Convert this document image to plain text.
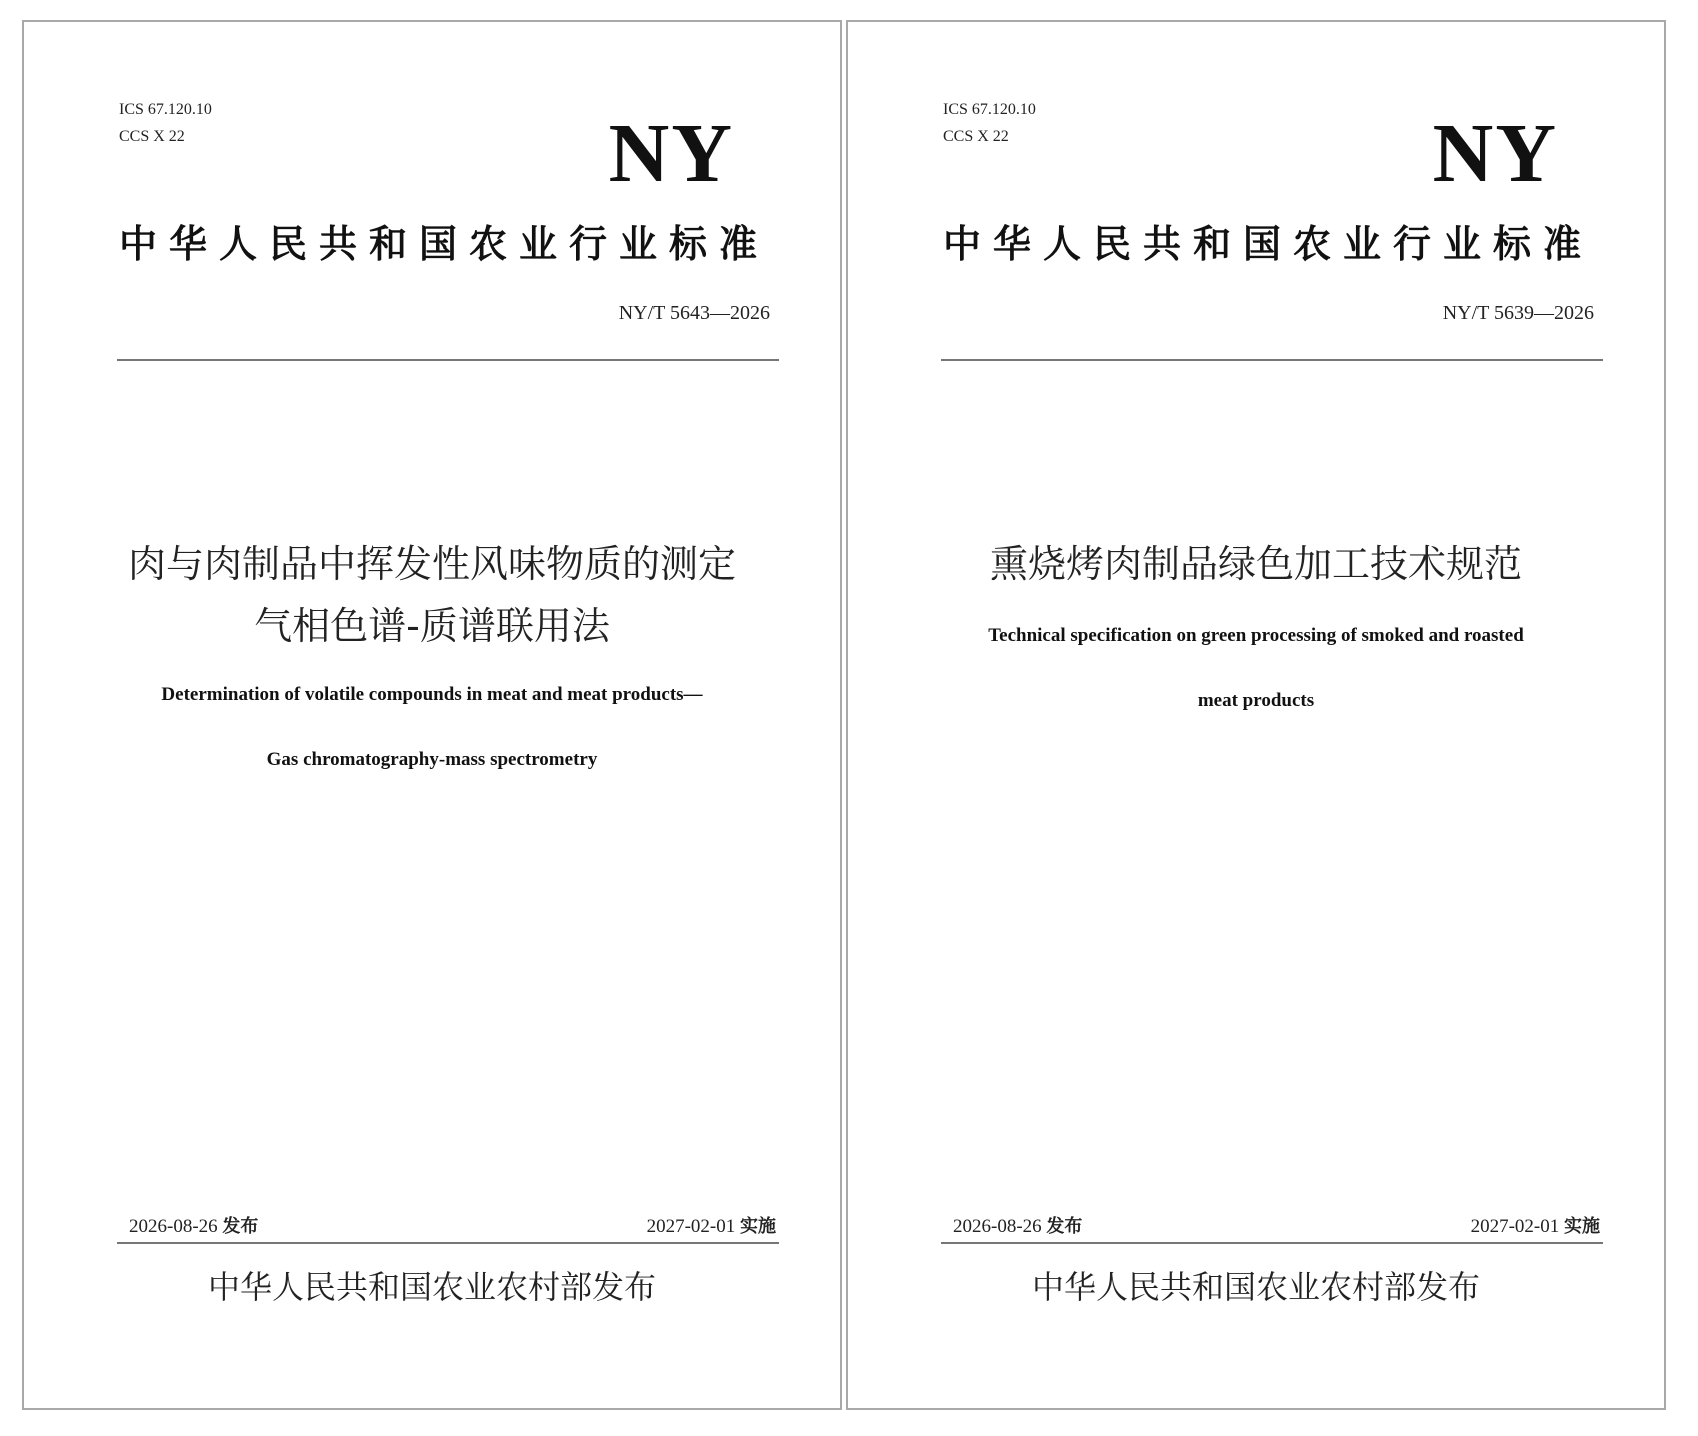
ICS 67.120.10
CCS X 22	NY
中华人民共和国农业行业标准
NY/T 5643—2026
肉与肉制品中挥发性风味物质的测定
气相色谱-质谱联用法
Determination of volatile compounds in meat and meat products—
Gas chromatography-mass spectrometry
2026-08-26 发布	2027-02-01 实施
中华人民共和国农业农村部发布
ICS 67.120.10
CCS X 22	NY
中华人民共和国农业行业标准
NY/T 5639—2026
熏烧烤肉制品绿色加工技术规范
Technical specification on green processing of smoked and roasted
meat products
2026-08-26 发布	2027-02-01 实施
中华人民共和国农业农村部发布
